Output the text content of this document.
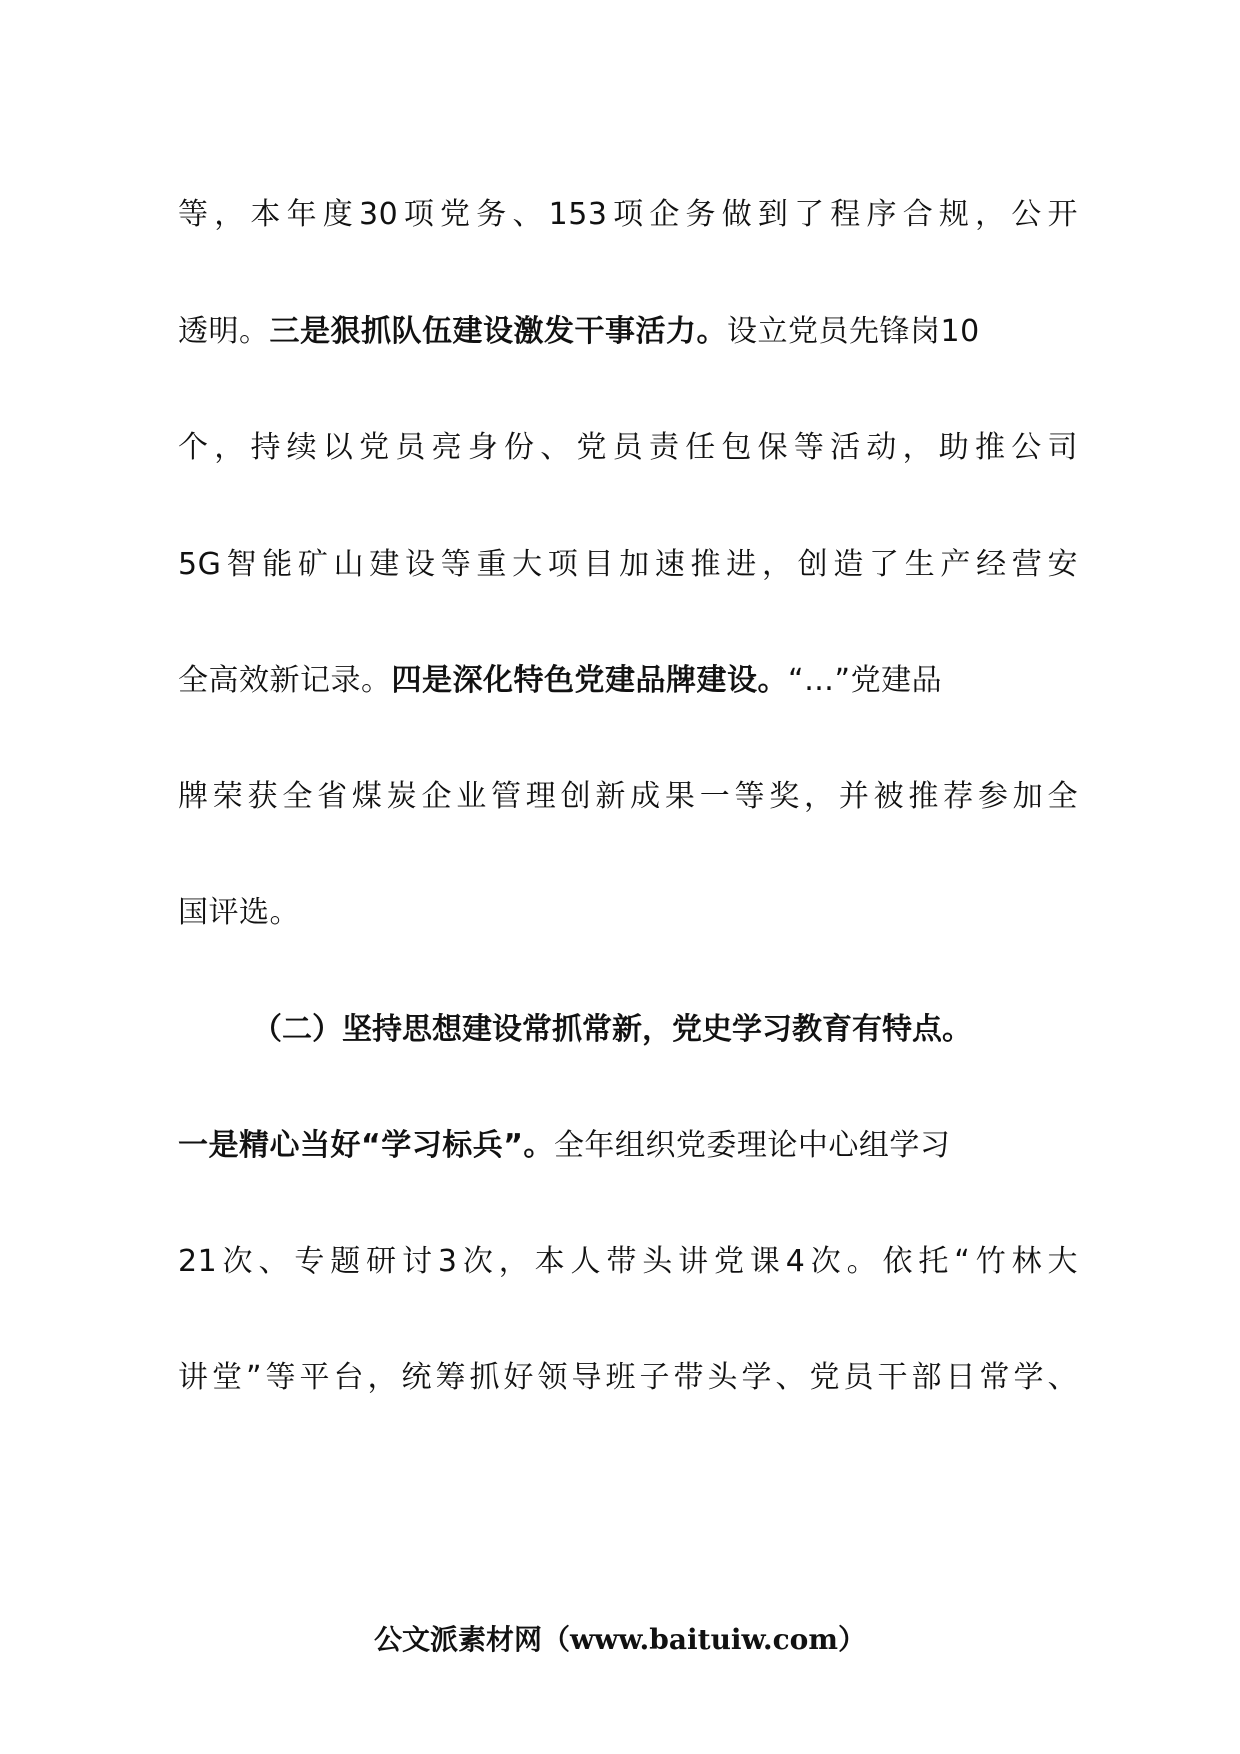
等，本年度30项党务、153项企务做到了程序合规，公开
透明。三是狠抓队伍建设激发干事活力。设立党员先锋岗10
个，持续以党员亮身份、党员责任包保等活动，助推公司
5G智能矿山建设等重大项目加速推进，创造了生产经营安
全高效新记录。四是深化特色党建品牌建设。“…”党建品
牌荣获全省煤炭企业管理创新成果一等奖，并被推荐参加全
国评选。
（二）坚持思想建设常抓常新，党史学习教育有特点。
一是精心当好“学习标兵”。全年组织党委理论中心组学习
21次、专题研讨3次，本人带头讲党课4次。依托“竹林大
讲堂”等平台，统筹抓好领导班子带头学、党员干部日常学、
公文派素材网（www.baituiw.com）
